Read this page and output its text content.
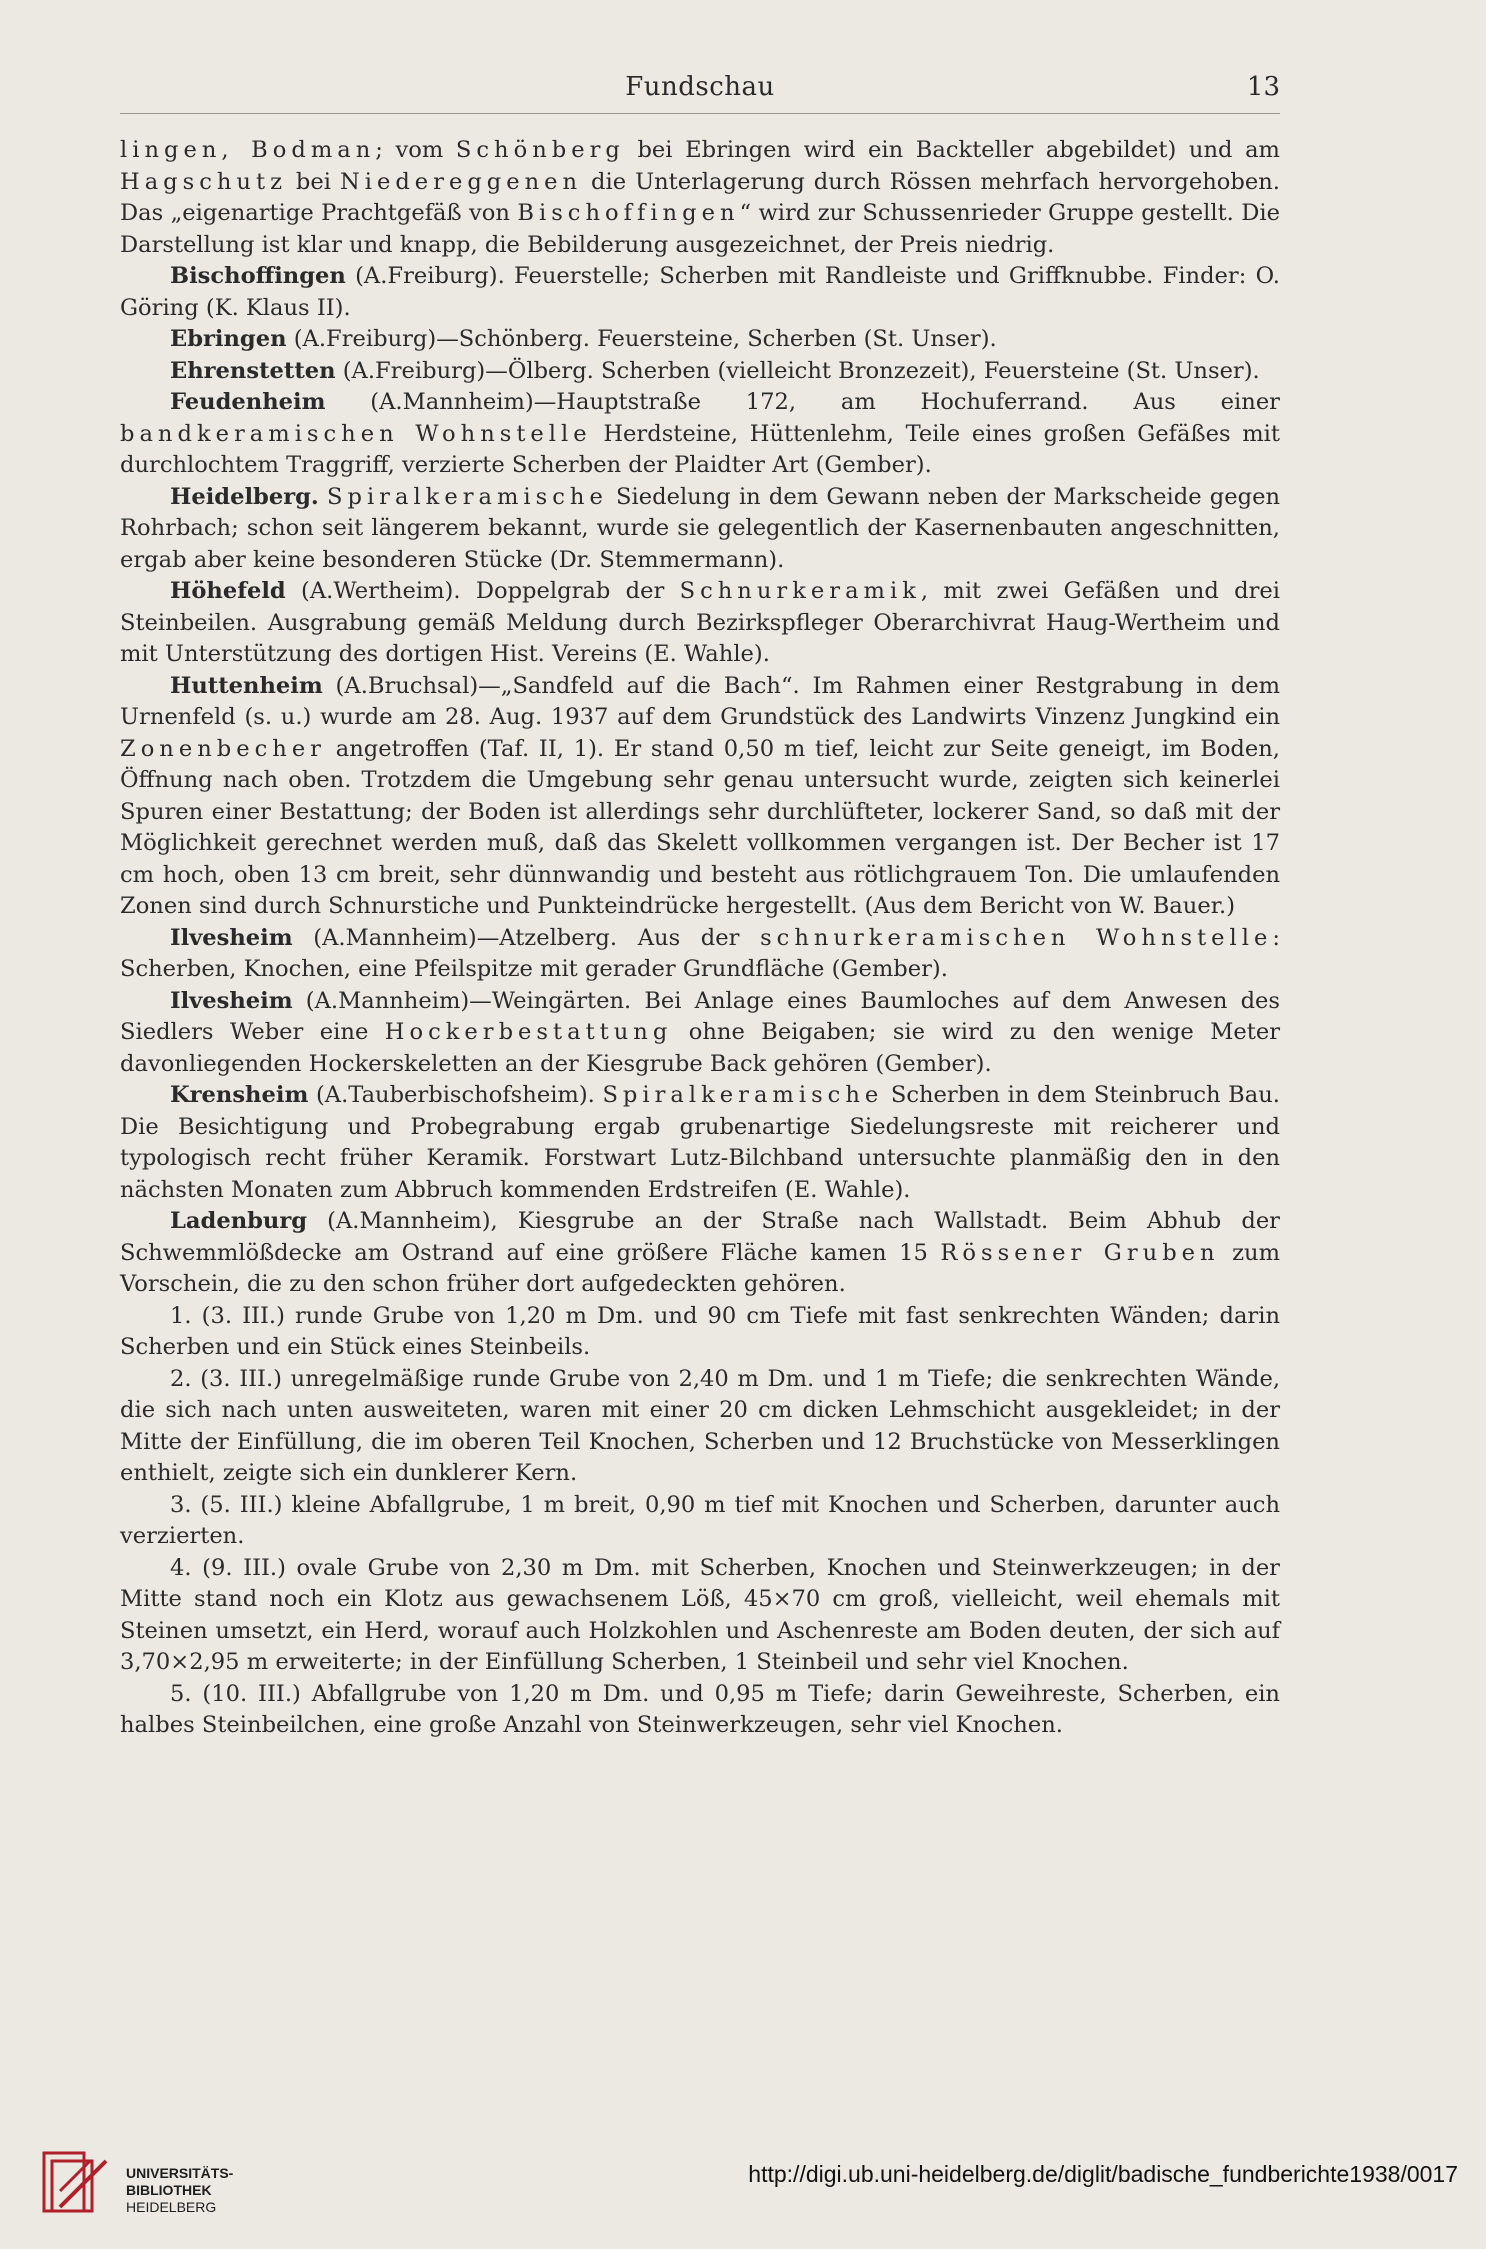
Fundschau	13

lingen, Bodman; vom Schönberg bei Ebringen wird ein Backteller abgebildet) und am Hagschutz bei Niedereggenen die Unterlagerung durch Rössen mehrfach hervorgehoben. Das „eigenartige Prachtgefäß von Bischoffingen“ wird zur Schussenrieder Gruppe gestellt. Die Darstellung ist klar und knapp, die Bebilderung ausgezeichnet, der Preis niedrig.

Bischoffingen (A.Freiburg). Feuerstelle; Scherben mit Randleiste und Griffknubbe. Finder: O. Göring (K. Klaus II).

Ebringen (A.Freiburg)—Schönberg. Feuersteine, Scherben (St. Unser).

Ehrenstetten (A.Freiburg)—Ölberg. Scherben (vielleicht Bronzezeit), Feuersteine (St. Unser).

Feudenheim (A.Mannheim)—Hauptstraße 172, am Hochuferrand. Aus einer bandkeramischen Wohnstelle Herdsteine, Hüttenlehm, Teile eines großen Gefäßes mit durchlochtem Traggriff, verzierte Scherben der Plaidter Art (Gember).

Heidelberg. Spiralkeramische Siedelung in dem Gewann neben der Markscheide gegen Rohrbach; schon seit längerem bekannt, wurde sie gelegentlich der Kasernenbauten angeschnitten, ergab aber keine besonderen Stücke (Dr. Stemmermann).

Höhefeld (A.Wertheim). Doppelgrab der Schnurkeramik, mit zwei Gefäßen und drei Steinbeilen. Ausgrabung gemäß Meldung durch Bezirkspfleger Oberarchivrat Haug-Wertheim und mit Unterstützung des dortigen Hist. Vereins (E. Wahle).

Huttenheim (A.Bruchsal)—„Sandfeld auf die Bach“. Im Rahmen einer Restgrabung in dem Urnenfeld (s. u.) wurde am 28. Aug. 1937 auf dem Grundstück des Landwirts Vinzenz Jungkind ein Zonenbecher angetroffen (Taf. II, 1). Er stand 0,50 m tief, leicht zur Seite geneigt, im Boden, Öffnung nach oben. Trotzdem die Umgebung sehr genau untersucht wurde, zeigten sich keinerlei Spuren einer Bestattung; der Boden ist allerdings sehr durchlüfteter, lockerer Sand, so daß mit der Möglichkeit gerechnet werden muß, daß das Skelett vollkommen vergangen ist. Der Becher ist 17 cm hoch, oben 13 cm breit, sehr dünnwandig und besteht aus rötlichgrauem Ton. Die umlaufenden Zonen sind durch Schnurstiche und Punkteindrücke hergestellt. (Aus dem Bericht von W. Bauer.)

Ilvesheim (A.Mannheim)—Atzelberg. Aus der schnurkeramischen Wohnstelle: Scherben, Knochen, eine Pfeilspitze mit gerader Grundfläche (Gember).

Ilvesheim (A.Mannheim)—Weingärten. Bei Anlage eines Baumloches auf dem Anwesen des Siedlers Weber eine Hockerbestattung ohne Beigaben; sie wird zu den wenige Meter davonliegenden Hockerskeletten an der Kiesgrube Back gehören (Gember).

Krensheim (A.Tauberbischofsheim). Spiralkeramische Scherben in dem Steinbruch Bau. Die Besichtigung und Probegrabung ergab grubenartige Siedelungsreste mit reicherer und typologisch recht früher Keramik. Forstwart Lutz-Bilchband untersuchte planmäßig den in den nächsten Monaten zum Abbruch kommenden Erdstreifen (E. Wahle).

Ladenburg (A.Mannheim), Kiesgrube an der Straße nach Wallstadt. Beim Abhub der Schwemmlößdecke am Ostrand auf eine größere Fläche kamen 15 Rössener Gruben zum Vorschein, die zu den schon früher dort aufgedeckten gehören.

1. (3. III.) runde Grube von 1,20 m Dm. und 90 cm Tiefe mit fast senkrechten Wänden; darin Scherben und ein Stück eines Steinbeils.

2. (3. III.) unregelmäßige runde Grube von 2,40 m Dm. und 1 m Tiefe; die senkrechten Wände, die sich nach unten ausweiteten, waren mit einer 20 cm dicken Lehmschicht ausgekleidet; in der Mitte der Einfüllung, die im oberen Teil Knochen, Scherben und 12 Bruchstücke von Messerklingen enthielt, zeigte sich ein dunklerer Kern.

3. (5. III.) kleine Abfallgrube, 1 m breit, 0,90 m tief mit Knochen und Scherben, darunter auch verzierten.

4. (9. III.) ovale Grube von 2,30 m Dm. mit Scherben, Knochen und Steinwerkzeugen; in der Mitte stand noch ein Klotz aus gewachsenem Löß, 45×70 cm groß, vielleicht, weil ehemals mit Steinen umsetzt, ein Herd, worauf auch Holzkohlen und Aschenreste am Boden deuten, der sich auf 3,70×2,95 m erweiterte; in der Einfüllung Scherben, 1 Steinbeil und sehr viel Knochen.

5. (10. III.) Abfallgrube von 1,20 m Dm. und 0,95 m Tiefe; darin Geweihreste, Scherben, ein halbes Steinbeilchen, eine große Anzahl von Steinwerkzeugen, sehr viel Knochen.

UNIVERSITÄTS-
BIBLIOTHEK
HEIDELBERG
http://digi.ub.uni-heidelberg.de/diglit/badische_fundberichte1938/0017
